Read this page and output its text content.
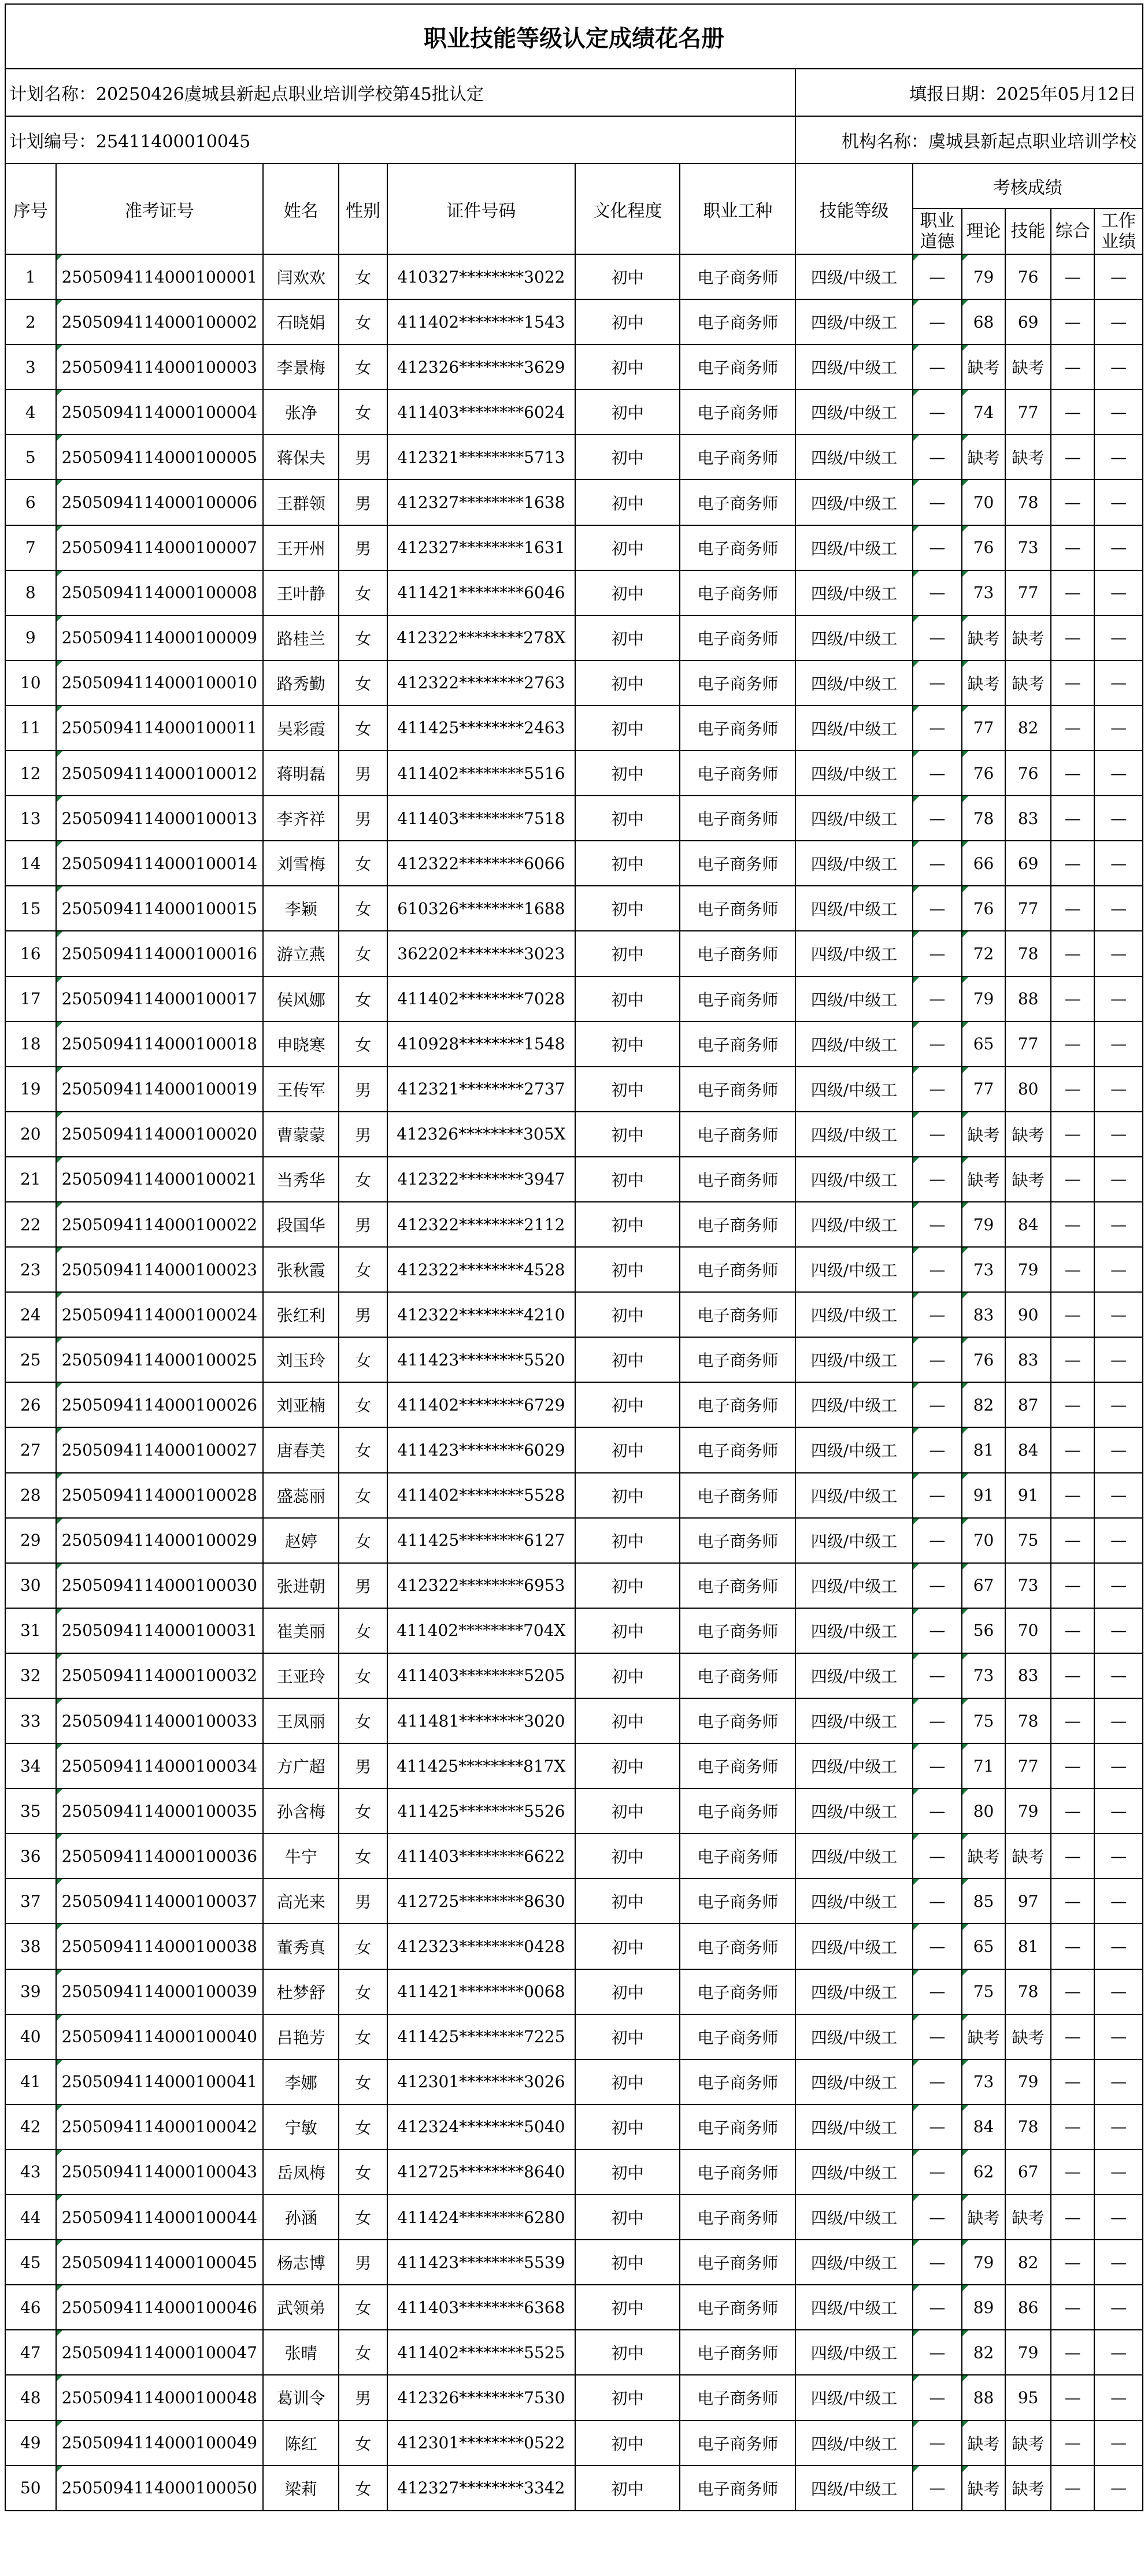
职业技能等级认定成绩花名册												
计划名称：20250426虞城县新起点职业培训学校第45批认定							填报日期：2025年05月12日					
计划编号：25411400010045							机构名称：虞城县新起点职业培训学校					
序号	准考证号	姓名	性别	证件号码	文化程度	职业工种	技能等级	考核成绩				
								职业道德	理论	技能	综合	工作业绩
1	2505094114000100001	闫欢欢	女	410327********3022	初中	电子商务师	四级/中级工	—	79	76	—	—
2	2505094114000100002	石晓娟	女	411402********1543	初中	电子商务师	四级/中级工	—	68	69	—	—
3	2505094114000100003	李景梅	女	412326********3629	初中	电子商务师	四级/中级工	—	缺考	缺考	—	—
4	2505094114000100004	张净	女	411403********6024	初中	电子商务师	四级/中级工	—	74	77	—	—
5	2505094114000100005	蒋保夫	男	412321********5713	初中	电子商务师	四级/中级工	—	缺考	缺考	—	—
6	2505094114000100006	王群领	男	412327********1638	初中	电子商务师	四级/中级工	—	70	78	—	—
7	2505094114000100007	王开州	男	412327********1631	初中	电子商务师	四级/中级工	—	76	73	—	—
8	2505094114000100008	王叶静	女	411421********6046	初中	电子商务师	四级/中级工	—	73	77	—	—
9	2505094114000100009	路桂兰	女	412322********278X	初中	电子商务师	四级/中级工	—	缺考	缺考	—	—
10	2505094114000100010	路秀勤	女	412322********2763	初中	电子商务师	四级/中级工	—	缺考	缺考	—	—
11	2505094114000100011	吴彩霞	女	411425********2463	初中	电子商务师	四级/中级工	—	77	82	—	—
12	2505094114000100012	蒋明磊	男	411402********5516	初中	电子商务师	四级/中级工	—	76	76	—	—
13	2505094114000100013	李齐祥	男	411403********7518	初中	电子商务师	四级/中级工	—	78	83	—	—
14	2505094114000100014	刘雪梅	女	412322********6066	初中	电子商务师	四级/中级工	—	66	69	—	—
15	2505094114000100015	李颖	女	610326********1688	初中	电子商务师	四级/中级工	—	76	77	—	—
16	2505094114000100016	游立燕	女	362202********3023	初中	电子商务师	四级/中级工	—	72	78	—	—
17	2505094114000100017	侯风娜	女	411402********7028	初中	电子商务师	四级/中级工	—	79	88	—	—
18	2505094114000100018	申晓寒	女	410928********1548	初中	电子商务师	四级/中级工	—	65	77	—	—
19	2505094114000100019	王传军	男	412321********2737	初中	电子商务师	四级/中级工	—	77	80	—	—
20	2505094114000100020	曹蒙蒙	男	412326********305X	初中	电子商务师	四级/中级工	—	缺考	缺考	—	—
21	2505094114000100021	当秀华	女	412322********3947	初中	电子商务师	四级/中级工	—	缺考	缺考	—	—
22	2505094114000100022	段国华	男	412322********2112	初中	电子商务师	四级/中级工	—	79	84	—	—
23	2505094114000100023	张秋霞	女	412322********4528	初中	电子商务师	四级/中级工	—	73	79	—	—
24	2505094114000100024	张红利	男	412322********4210	初中	电子商务师	四级/中级工	—	83	90	—	—
25	2505094114000100025	刘玉玲	女	411423********5520	初中	电子商务师	四级/中级工	—	76	83	—	—
26	2505094114000100026	刘亚楠	女	411402********6729	初中	电子商务师	四级/中级工	—	82	87	—	—
27	2505094114000100027	唐春美	女	411423********6029	初中	电子商务师	四级/中级工	—	81	84	—	—
28	2505094114000100028	盛蕊丽	女	411402********5528	初中	电子商务师	四级/中级工	—	91	91	—	—
29	2505094114000100029	赵婷	女	411425********6127	初中	电子商务师	四级/中级工	—	70	75	—	—
30	2505094114000100030	张进朝	男	412322********6953	初中	电子商务师	四级/中级工	—	67	73	—	—
31	2505094114000100031	崔美丽	女	411402********704X	初中	电子商务师	四级/中级工	—	56	70	—	—
32	2505094114000100032	王亚玲	女	411403********5205	初中	电子商务师	四级/中级工	—	73	83	—	—
33	2505094114000100033	王凤丽	女	411481********3020	初中	电子商务师	四级/中级工	—	75	78	—	—
34	2505094114000100034	方广超	男	411425********817X	初中	电子商务师	四级/中级工	—	71	77	—	—
35	2505094114000100035	孙含梅	女	411425********5526	初中	电子商务师	四级/中级工	—	80	79	—	—
36	2505094114000100036	牛宁	女	411403********6622	初中	电子商务师	四级/中级工	—	缺考	缺考	—	—
37	2505094114000100037	高光来	男	412725********8630	初中	电子商务师	四级/中级工	—	85	97	—	—
38	2505094114000100038	董秀真	女	412323********0428	初中	电子商务师	四级/中级工	—	65	81	—	—
39	2505094114000100039	杜梦舒	女	411421********0068	初中	电子商务师	四级/中级工	—	75	78	—	—
40	2505094114000100040	吕艳芳	女	411425********7225	初中	电子商务师	四级/中级工	—	缺考	缺考	—	—
41	2505094114000100041	李娜	女	412301********3026	初中	电子商务师	四级/中级工	—	73	79	—	—
42	2505094114000100042	宁敏	女	412324********5040	初中	电子商务师	四级/中级工	—	84	78	—	—
43	2505094114000100043	岳凤梅	女	412725********8640	初中	电子商务师	四级/中级工	—	62	67	—	—
44	2505094114000100044	孙涵	女	411424********6280	初中	电子商务师	四级/中级工	—	缺考	缺考	—	—
45	2505094114000100045	杨志博	男	411423********5539	初中	电子商务师	四级/中级工	—	79	82	—	—
46	2505094114000100046	武领弟	女	411403********6368	初中	电子商务师	四级/中级工	—	89	86	—	—
47	2505094114000100047	张晴	女	411402********5525	初中	电子商务师	四级/中级工	—	82	79	—	—
48	2505094114000100048	葛训令	男	412326********7530	初中	电子商务师	四级/中级工	—	88	95	—	—
49	2505094114000100049	陈红	女	412301********0522	初中	电子商务师	四级/中级工	—	缺考	缺考	—	—
50	2505094114000100050	梁莉	女	412327********3342	初中	电子商务师	四级/中级工	—	缺考	缺考	—	—
